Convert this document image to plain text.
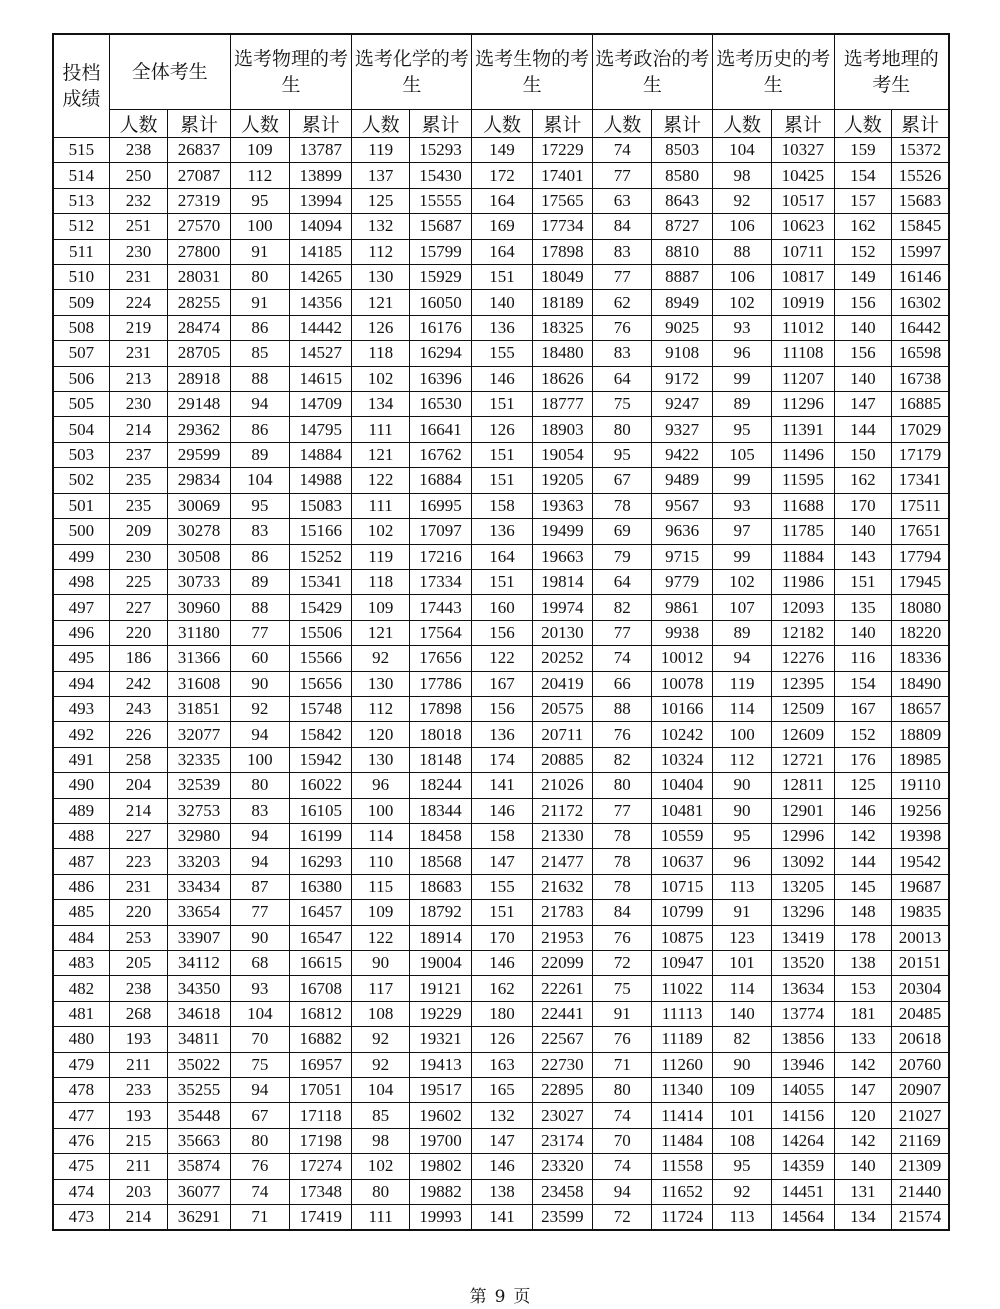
投档
成绩	全体考生		选考物理的考生		选考化学的考生		选考生物的考生		选考政治的考生		选考历史的考生		选考地理的考生	
	人数	累计	人数	累计	人数	累计	人数	累计	人数	累计	人数	累计	人数	累计
515	238	26837	109	13787	119	15293	149	17229	74	8503	104	10327	159	15372
514	250	27087	112	13899	137	15430	172	17401	77	8580	98	10425	154	15526
513	232	27319	95	13994	125	15555	164	17565	63	8643	92	10517	157	15683
512	251	27570	100	14094	132	15687	169	17734	84	8727	106	10623	162	15845
511	230	27800	91	14185	112	15799	164	17898	83	8810	88	10711	152	15997
510	231	28031	80	14265	130	15929	151	18049	77	8887	106	10817	149	16146
509	224	28255	91	14356	121	16050	140	18189	62	8949	102	10919	156	16302
508	219	28474	86	14442	126	16176	136	18325	76	9025	93	11012	140	16442
507	231	28705	85	14527	118	16294	155	18480	83	9108	96	11108	156	16598
506	213	28918	88	14615	102	16396	146	18626	64	9172	99	11207	140	16738
505	230	29148	94	14709	134	16530	151	18777	75	9247	89	11296	147	16885
504	214	29362	86	14795	111	16641	126	18903	80	9327	95	11391	144	17029
503	237	29599	89	14884	121	16762	151	19054	95	9422	105	11496	150	17179
502	235	29834	104	14988	122	16884	151	19205	67	9489	99	11595	162	17341
501	235	30069	95	15083	111	16995	158	19363	78	9567	93	11688	170	17511
500	209	30278	83	15166	102	17097	136	19499	69	9636	97	11785	140	17651
499	230	30508	86	15252	119	17216	164	19663	79	9715	99	11884	143	17794
498	225	30733	89	15341	118	17334	151	19814	64	9779	102	11986	151	17945
497	227	30960	88	15429	109	17443	160	19974	82	9861	107	12093	135	18080
496	220	31180	77	15506	121	17564	156	20130	77	9938	89	12182	140	18220
495	186	31366	60	15566	92	17656	122	20252	74	10012	94	12276	116	18336
494	242	31608	90	15656	130	17786	167	20419	66	10078	119	12395	154	18490
493	243	31851	92	15748	112	17898	156	20575	88	10166	114	12509	167	18657
492	226	32077	94	15842	120	18018	136	20711	76	10242	100	12609	152	18809
491	258	32335	100	15942	130	18148	174	20885	82	10324	112	12721	176	18985
490	204	32539	80	16022	96	18244	141	21026	80	10404	90	12811	125	19110
489	214	32753	83	16105	100	18344	146	21172	77	10481	90	12901	146	19256
488	227	32980	94	16199	114	18458	158	21330	78	10559	95	12996	142	19398
487	223	33203	94	16293	110	18568	147	21477	78	10637	96	13092	144	19542
486	231	33434	87	16380	115	18683	155	21632	78	10715	113	13205	145	19687
485	220	33654	77	16457	109	18792	151	21783	84	10799	91	13296	148	19835
484	253	33907	90	16547	122	18914	170	21953	76	10875	123	13419	178	20013
483	205	34112	68	16615	90	19004	146	22099	72	10947	101	13520	138	20151
482	238	34350	93	16708	117	19121	162	22261	75	11022	114	13634	153	20304
481	268	34618	104	16812	108	19229	180	22441	91	11113	140	13774	181	20485
480	193	34811	70	16882	92	19321	126	22567	76	11189	82	13856	133	20618
479	211	35022	75	16957	92	19413	163	22730	71	11260	90	13946	142	20760
478	233	35255	94	17051	104	19517	165	22895	80	11340	109	14055	147	20907
477	193	35448	67	17118	85	19602	132	23027	74	11414	101	14156	120	21027
476	215	35663	80	17198	98	19700	147	23174	70	11484	108	14264	142	21169
475	211	35874	76	17274	102	19802	146	23320	74	11558	95	14359	140	21309
474	203	36077	74	17348	80	19882	138	23458	94	11652	92	14451	131	21440
473	214	36291	71	17419	111	19993	141	23599	72	11724	113	14564	134	21574
第 9 页
